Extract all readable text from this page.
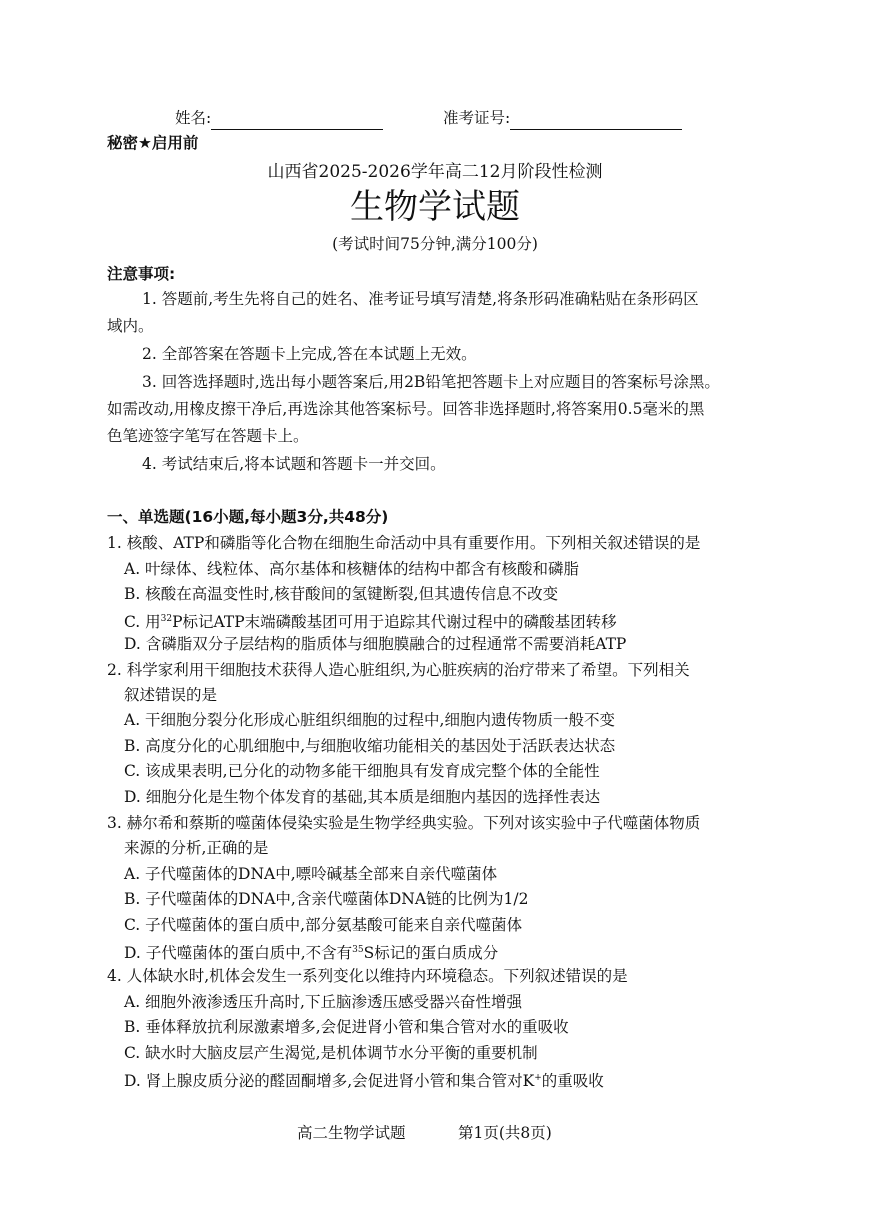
姓名:	准考证号:
秘密★启用前
山西省2025-2026学年高二12月阶段性检测
生物学试题
(考试时间75分钟,满分100分)
注意事项:
1. 答题前,考生先将自己的姓名、准考证号填写清楚,将条形码准确粘贴在条形码区
域内。
2. 全部答案在答题卡上完成,答在本试题上无效。
3. 回答选择题时,选出每小题答案后,用2B铅笔把答题卡上对应题目的答案标号涂黑。
如需改动,用橡皮擦干净后,再选涂其他答案标号。回答非选择题时,将答案用0.5毫米的黑
色笔迹签字笔写在答题卡上。
4. 考试结束后,将本试题和答题卡一并交回。
一、单选题(16小题,每小题3分,共48分)
1. 核酸、ATP和磷脂等化合物在细胞生命活动中具有重要作用。下列相关叙述错误的是
A. 叶绿体、线粒体、高尔基体和核糖体的结构中都含有核酸和磷脂
B. 核酸在高温变性时,核苷酸间的氢键断裂,但其遗传信息不改变
C. 用$^{32}$P标记ATP末端磷酸基团可用于追踪其代谢过程中的磷酸基团转移
D. 含磷脂双分子层结构的脂质体与细胞膜融合的过程通常不需要消耗ATP
2. 科学家利用干细胞技术获得人造心脏组织,为心脏疾病的治疗带来了希望。下列相关
叙述错误的是
A. 干细胞分裂分化形成心脏组织细胞的过程中,细胞内遗传物质一般不变
B. 高度分化的心肌细胞中,与细胞收缩功能相关的基因处于活跃表达状态
C. 该成果表明,已分化的动物多能干细胞具有发育成完整个体的全能性
D. 细胞分化是生物个体发育的基础,其本质是细胞内基因的选择性表达
3. 赫尔希和蔡斯的噬菌体侵染实验是生物学经典实验。下列对该实验中子代噬菌体物质
来源的分析,正确的是
A. 子代噬菌体的DNA中,嘌呤碱基全部来自亲代噬菌体
B. 子代噬菌体的DNA中,含亲代噬菌体DNA链的比例为1/2
C. 子代噬菌体的蛋白质中,部分氨基酸可能来自亲代噬菌体
D. 子代噬菌体的蛋白质中,不含有$^{35}$S标记的蛋白质成分
4. 人体缺水时,机体会发生一系列变化以维持内环境稳态。下列叙述错误的是
A. 细胞外液渗透压升高时,下丘脑渗透压感受器兴奋性增强
B. 垂体释放抗利尿激素增多,会促进肾小管和集合管对水的重吸收
C. 缺水时大脑皮层产生渴觉,是机体调节水分平衡的重要机制
D. 肾上腺皮质分泌的醛固酮增多,会促进肾小管和集合管对K+的重吸收
高二生物学试题	第1页(共8页)
